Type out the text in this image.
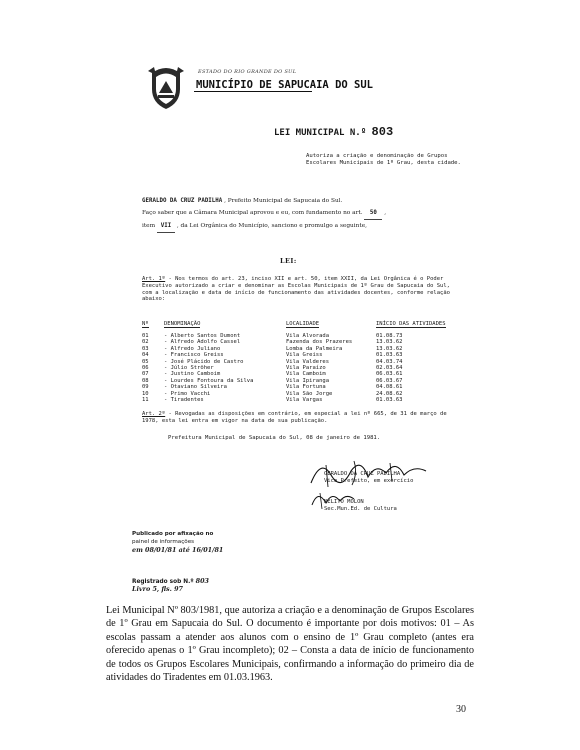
ESTADO DO RIO GRANDE DO SUL
MUNICÍPIO DE SAPUCAIA DO SUL
LEI MUNICIPAL N.º 803
Autoriza a criação e denominação de Grupos Escolares Municipais de 1º Grau, desta cidade.
GERALDO DA CRUZ PADILHA , Prefeito Municipal de Sapucaia do Sul.
Faço saber que a Câmara Municipal aprovou e eu, com fundamento no art. 50 ,
item VII , da Lei Orgânica do Município, sanciono e promulgo a seguinte,
LEI:
Art. 1º - Nos termos do art. 23, inciso XII e art. 50, item XXII, da Lei Orgânica é o Poder Executivo autorizado a criar e denominar as Escolas Municipais de 1º Grau de Sapucaia do Sul, com a localização e data de início de funcionamento das atividades docentes, conforme relação abaixo:
Nº	DENOMINAÇÃO	LOCALIDADE	INÍCIO DAS ATIVIDADES
01	- Alberto Santos Dumont	Vila Alvorada	01.08.73
02	- Alfredo Adolfo Cassel	Fazenda dos Prazeres	13.03.62
03	- Alfredo Juliano	Lomba da Palmeira	13.03.62
04	- Francisco Greiss	Vila Greiss	01.03.63
05	- José Plácido de Castro	Vila Valderes	04.03.74
06	- Júlio Ströher	Vila Paraízo	02.03.64
07	- Justino Camboim	Vila Camboim	06.03.61
08	- Lourdes Fontoura da Silva	Vila Ipiranga	06.03.67
09	- Otaviano Silveira	Vila Fortuna	04.08.61
10	- Primo Vacchi	Vila São Jorge	24.08.62
11	- Tiradentes	Vila Vargas	01.03.63
Art. 2º - Revogadas as disposições em contrário, em especial a lei nº 665, de 31 de março de 1978, esta lei entra em vigor na data de sua publicação.
Prefeitura Municipal de Sapucaia do Sul, 08 de janeiro de 1981.
GERALDO DA CRUZ PADILHA
Vice Prefeito, em exercício
NELITO MOLON
Sec.Mun.Ed. de Cultura
Publicado por afixação no
painel de informações
em 08/01/81 até 16/01/81
Registrado sob N.º 803
Livro 5, fls. 97
Lei Municipal Nº 803/1981, que autoriza a criação e a denominação de Grupos Escolares de 1º Grau em Sapucaia do Sul. O documento é importante por dois motivos: 01 – As escolas passam a atender aos alunos com o ensino de 1º Grau completo (antes era oferecido apenas o 1º Grau incompleto); 02 – Consta a data de início de funcionamento de todos os Grupos Escolares Municipais, confirmando a informação do primeiro dia de atividades do Tiradentes em 01.03.1963.
30
